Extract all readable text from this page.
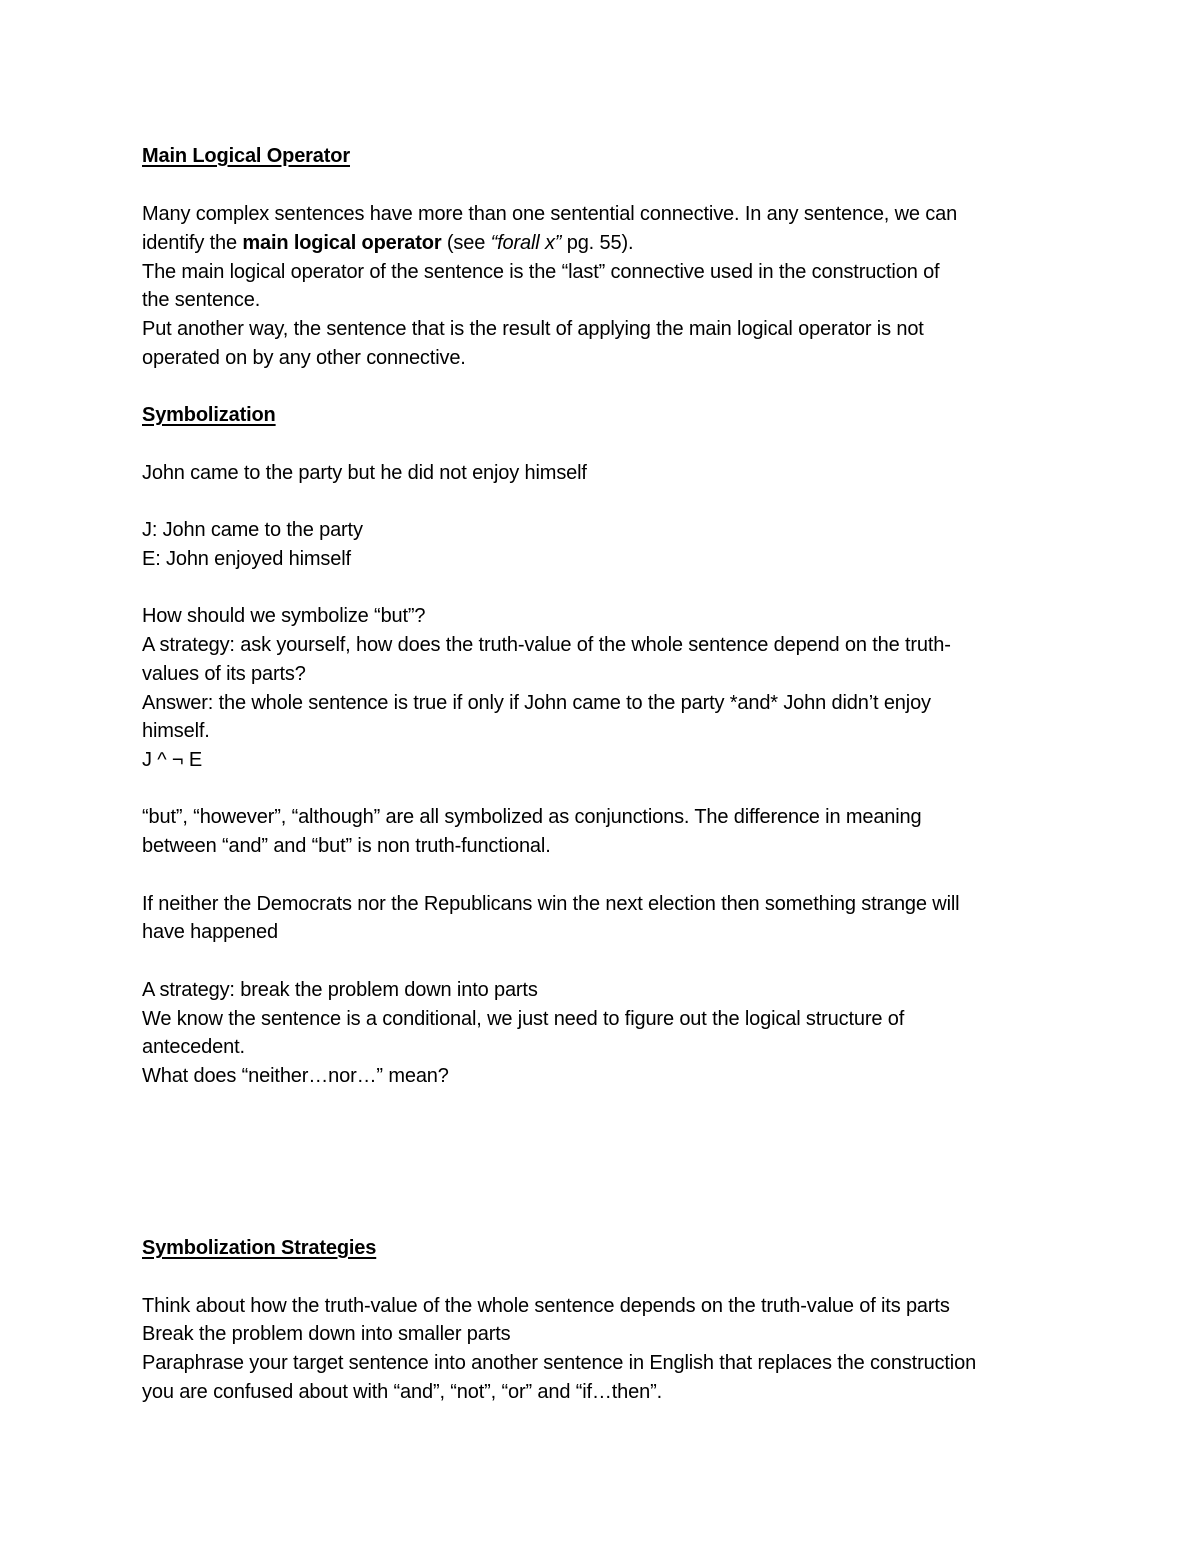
Main Logical Operator

Many complex sentences have more than one sentential connective. In any sentence, we can

identify the main logical operator (see “forall x” pg. 55).

The main logical operator of the sentence is the “last” connective used in the construction of

the sentence.

Put another way, the sentence that is the result of applying the main logical operator is not

operated on by any other connective.

Symbolization

John came to the party but he did not enjoy himself

J: John came to the party

E: John enjoyed himself

How should we symbolize “but”?

A strategy: ask yourself, how does the truth-value of the whole sentence depend on the truth-

values of its parts?

Answer: the whole sentence is true if only if John came to the party *and* John didn’t enjoy

himself.

J ^ ¬ E

“but”, “however”, “although” are all symbolized as conjunctions. The difference in meaning

between “and” and “but” is non truth-functional.

If neither the Democrats nor the Republicans win the next election then something strange will

have happened

A strategy: break the problem down into parts

We know the sentence is a conditional, we just need to figure out the logical structure of

antecedent.

What does “neither…nor…” mean?

Symbolization Strategies

Think about how the truth-value of the whole sentence depends on the truth-value of its parts

Break the problem down into smaller parts

Paraphrase your target sentence into another sentence in English that replaces the construction

you are confused about with “and”, “not”, “or” and “if…then”.
